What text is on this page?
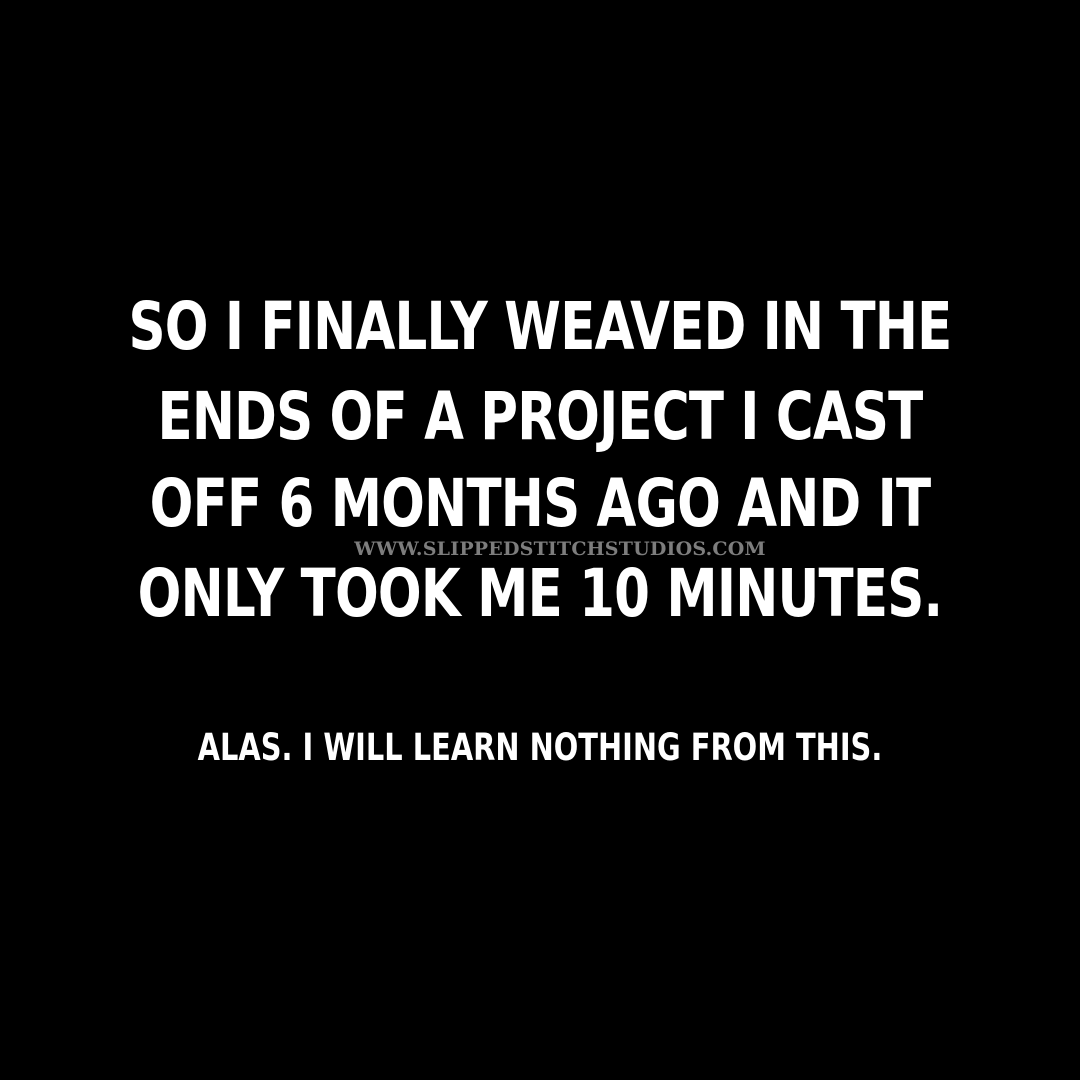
SO I FINALLY WEAVED IN THE
ENDS OF A PROJECT I CAST
OFF 6 MONTHS AGO AND IT
WWW.SLIPPEDSTITCHSTUDIOS.COM
ONLY TOOK ME 10 MINUTES.
ALAS. I WILL LEARN NOTHING FROM THIS.
